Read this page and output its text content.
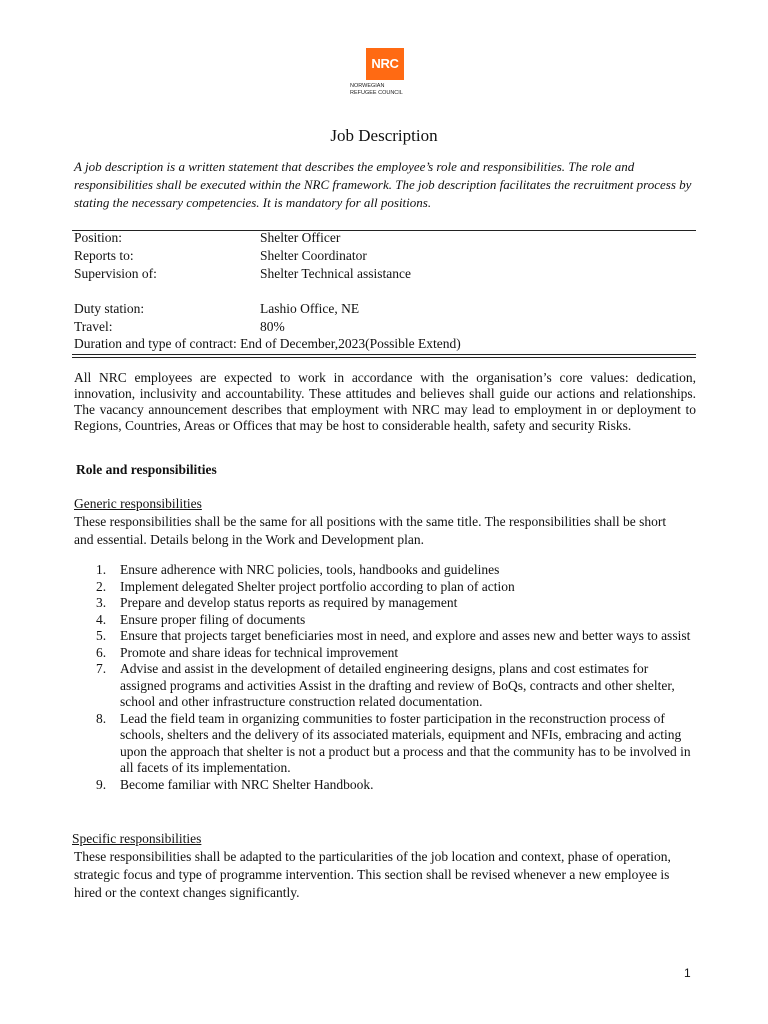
NRC
NORWEGIAN
REFUGEE COUNCIL
Job Description
A job description is a written statement that describes the employee’s role and responsibilities. The role and responsibilities shall be executed within the NRC framework. The job description facilitates the recruitment process by stating the necessary competencies. It is mandatory for all positions.
Position:	Shelter Officer
Reports to:	Shelter Coordinator
Supervision of:	Shelter Technical assistance
Duty station:	Lashio Office, NE
Travel:	80%
Duration and type of contract: End of December,2023(Possible Extend)
All NRC employees are expected to work in accordance with the organisation’s core values: dedication, innovation, inclusivity and accountability. These attitudes and believes shall guide our actions and relationships. The vacancy announcement describes that employment with NRC may lead to employment in or deployment to Regions, Countries, Areas or Offices that may be host to considerable health, safety and security Risks.
Role and responsibilities
Generic responsibilities
These responsibilities shall be the same for all positions with the same title. The responsibilities shall be short and essential. Details belong in the Work and Development plan.
1. Ensure adherence with NRC policies, tools, handbooks and guidelines
2. Implement delegated Shelter project portfolio according to plan of action
3. Prepare and develop status reports as required by management
4. Ensure proper filing of documents
5. Ensure that projects target beneficiaries most in need, and explore and asses new and better ways to assist
6. Promote and share ideas for technical improvement
7. Advise and assist in the development of detailed engineering designs, plans and cost estimates for assigned programs and activities Assist in the drafting and review of BoQs, contracts and other shelter, school and other infrastructure construction related documentation.
8. Lead the field team in organizing communities to foster participation in the reconstruction process of schools, shelters and the delivery of its associated materials, equipment and NFIs, embracing and acting upon the approach that shelter is not a product but a process and that the community has to be involved in all facets of its implementation.
9. Become familiar with NRC Shelter Handbook.
Specific responsibilities
These responsibilities shall be adapted to the particularities of the job location and context, phase of operation, strategic focus and type of programme intervention. This section shall be revised whenever a new employee is hired or the context changes significantly.
1
